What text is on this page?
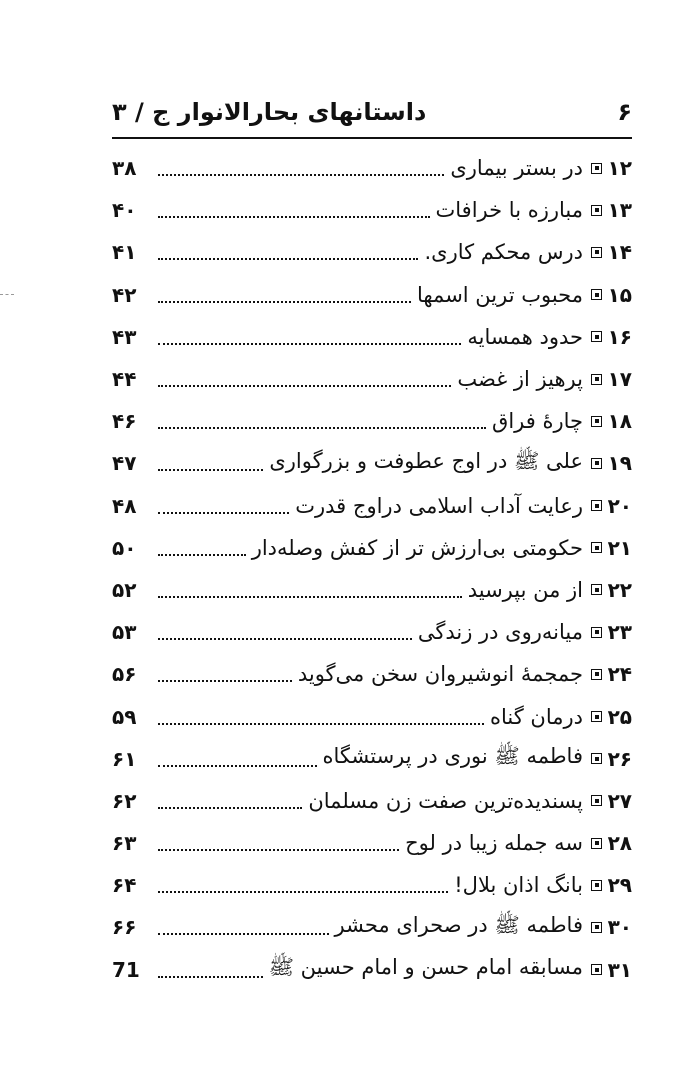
۶
داستانهای بحارالانوار ج / ۳
۱۲
در بستر بیماری
۳۸
۱۳
مبارزه با خرافات
۴۰
۱۴
درس محکم کاری.
۴۱
۱۵
محبوب ترین اسمها
۴۲
۱۶
حدود همسایه
۴۳
۱۷
پرهیز از غضب
۴۴
۱۸
چارۀ فراق
۴۶
۱۹
علی ﷺ در اوج عطوفت و بزرگواری
۴۷
۲۰
رعایت آداب اسلامی دراوج قدرت
۴۸
۲۱
حکومتی بی‌ارزش تر از کفش وصله‌دار
۵۰
۲۲
از من بپرسید
۵۲
۲۳
میانه‌روی در زندگی
۵۳
۲۴
جمجمۀ انوشیروان سخن می‌گوید
۵۶
۲۵
درمان گناه
۵۹
۲۶
فاطمه ﷺ نوری در پرستشگاه
۶۱
۲۷
پسندیده‌ترین صفت زن مسلمان
۶۲
۲۸
سه جمله زیبا در لوح
۶۳
۲۹
بانگ اذان بلال!
۶۴
۳۰
فاطمه ﷺ در صحرای محشر
۶۶
۳۱
مسابقه امام حسن و امام حسین ﷺ
71
